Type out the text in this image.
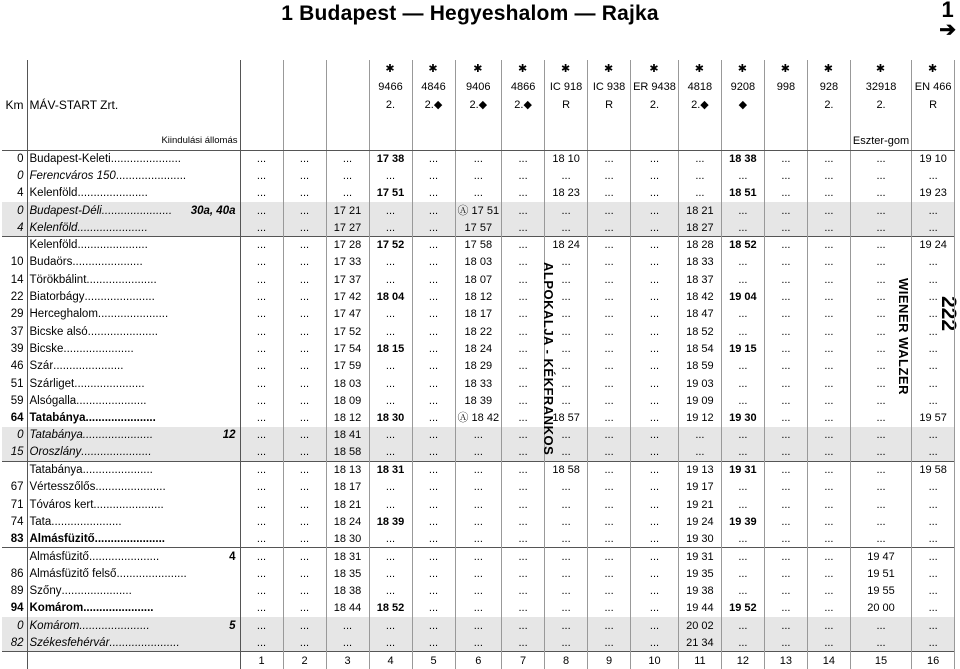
1 Budapest — Hegyeshalom — Rajka	1
➔
222
					✱	✱	✱	✱	✱	✱	✱	✱	✱	✱	✱	✱	✱
					9466	4846	9406	4866	IC 918	IC 938	ER 9438	4818	9208	998	928	32918	EN 466
Km	MÁV-START Zrt.				2.	2.◆	2.◆	2.◆	R	R	2.	2.◆	◆		2.	2.	R

	Kiindulási állomás															Eszter-gom	
0	Budapest-Keleti......................	...	...	...	17 38	...	...	...	18 10	...	...	...	18 38	...	...	...	19 10
0	Ferencváros 150......................	...	...	...	...	...	...	...	...	...	...	...	...	...	...	...	...
4	Kelenföld......................	...	...	...	17 51	...	...	...	18 23	...	...	...	18 51	...	...	...	19 23
0	Budapest-Déli...................... 30a, 40a	...	...	17 21	...	...	Ⓐ 17 51	...	...	...	...	18 21	...	...	...	...	...
4	Kelenföld......................	...	...	17 27	...	...	17 57	...	...	...	...	18 27	...	...	...	...	...
	Kelenföld......................	...	...	17 28	17 52	...	17 58	...	18 24	...	...	18 28	18 52	...	...	...	19 24
10	Budaörs......................	...	...	17 33	...	...	18 03	...	...	...	...	18 33	...	...	...	...	...
14	Törökbálint......................	...	...	17 37	...	...	18 07	...	...	...	...	18 37	...	...	...	...	...
22	Biatorbágy......................	...	...	17 42	18 04	...	18 12	...	...	...	...	18 42	19 04	...	...	...	...
29	Herceghalom......................	...	...	17 47	...	...	18 17	...	...	...	...	18 47	...	...	...	...	...
37	Bicske alsó......................	...	...	17 52	...	...	18 22	...	...	...	...	18 52	...	...	...	...	...
39	Bicske......................	...	...	17 54	18 15	...	18 24	...	...	...	...	18 54	19 15	...	...	...	...
46	Szár......................	...	...	17 59	...	...	18 29	...	...	...	...	18 59	...	...	...	...	...
51	Szárliget......................	...	...	18 03	...	...	18 33	...	...	...	...	19 03	...	...	...	...	...
59	Alsógalla......................	...	...	18 09	...	...	18 39	...	...	...	...	19 09	...	...	...	...	...
64	Tatabánya......................	...	...	18 12	18 30	...	Ⓐ 18 42	...	18 57	...	...	19 12	19 30	...	...	...	19 57
0	Tatabánya...................... 12	...	...	18 41	...	...	...	...	...	...	...	...	...	...	...	...	...
15	Oroszlány......................	...	...	18 58	...	...	...	...	...	...	...	...	...	...	...	...	...
	Tatabánya......................	...	...	18 13	18 31	...	...	...	18 58	...	...	19 13	19 31	...	...	...	19 58
67	Vértesszőlős......................	...	...	18 17	...	...	...	...	...	...	...	19 17	...	...	...	...	...
71	Tóváros kert......................	...	...	18 21	...	...	...	...	...	...	...	19 21	...	...	...	...	...
74	Tata......................	...	...	18 24	18 39	...	...	...	...	...	...	19 24	19 39	...	...	...	...
83	Almásfüzitő......................	...	...	18 30	...	...	...	...	...	...	...	19 30	...	...	...	...	...
	Almásfüzitő...................... 4	...	...	18 31	...	...	...	...	...	...	...	19 31	...	...	...	19 47	...
86	Almásfüzitő felső......................	...	...	18 35	...	...	...	...	...	...	...	19 35	...	...	...	19 51	...
89	Szőny......................	...	...	18 38	...	...	...	...	...	...	...	19 38	...	...	...	19 55	...
94	Komárom......................	...	...	18 44	18 52	...	...	...	...	...	...	19 44	19 52	...	...	20 00	...
0	Komárom...................... 5	...	...	...	...	...	...	...	...	...	...	20 02	...	...	...	...	...
82	Székesfehérvár......................	...	...	...	...	...	...	...	...	...	...	21 34	...	...	...	...	...
		1	2	3	4	5	6	7	8	9	10	11	12	13	14	15	16
ALPOKALJA - KÉKFRANKOS	WIENER WALZER
